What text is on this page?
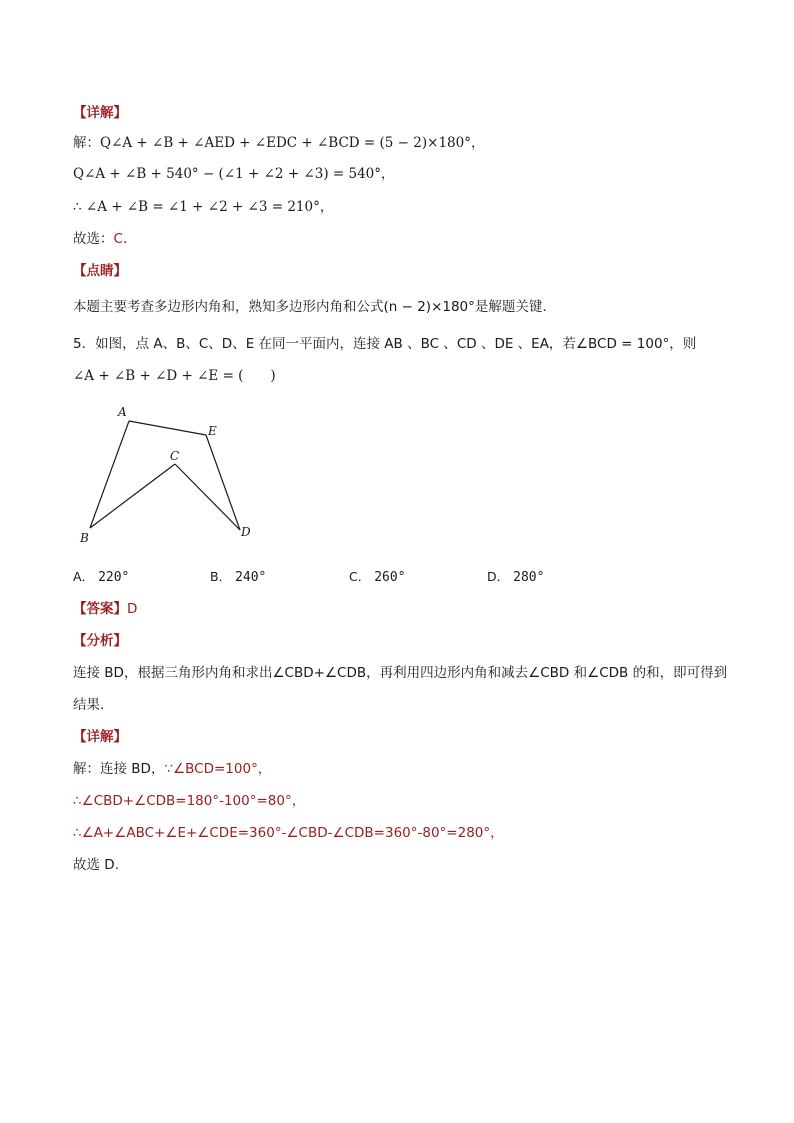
【详解】
解：Q∠A + ∠B + ∠AED + ∠EDC + ∠BCD = (5 − 2)×180°，
Q∠A + ∠B + 540° − (∠1 + ∠2 + ∠3) = 540°，
∴ ∠A + ∠B = ∠1 + ∠2 + ∠3 = 210°，
故选：C.
【点睛】
本题主要考查多边形内角和，熟知多边形内角和公式(n − 2)×180°是解题关键.
5．如图，点 A、B、C、D、E 在同一平面内，连接 AB 、BC 、CD 、DE 、EA，若∠BCD = 100°，则
∠A + ∠B + ∠D + ∠E = (　　)
A
B
C
D
E
A． 220°	B． 240°	C． 260°	D． 280°
【答案】D
【分析】
连接 BD，根据三角形内角和求出∠CBD+∠CDB，再利用四边形内角和减去∠CBD 和∠CDB 的和，即可得到
结果.
【详解】
解：连接 BD，∵∠BCD=100°，
∴∠CBD+∠CDB=180°-100°=80°，
∴∠A+∠ABC+∠E+∠CDE=360°-∠CBD-∠CDB=360°-80°=280°，
故选 D.
